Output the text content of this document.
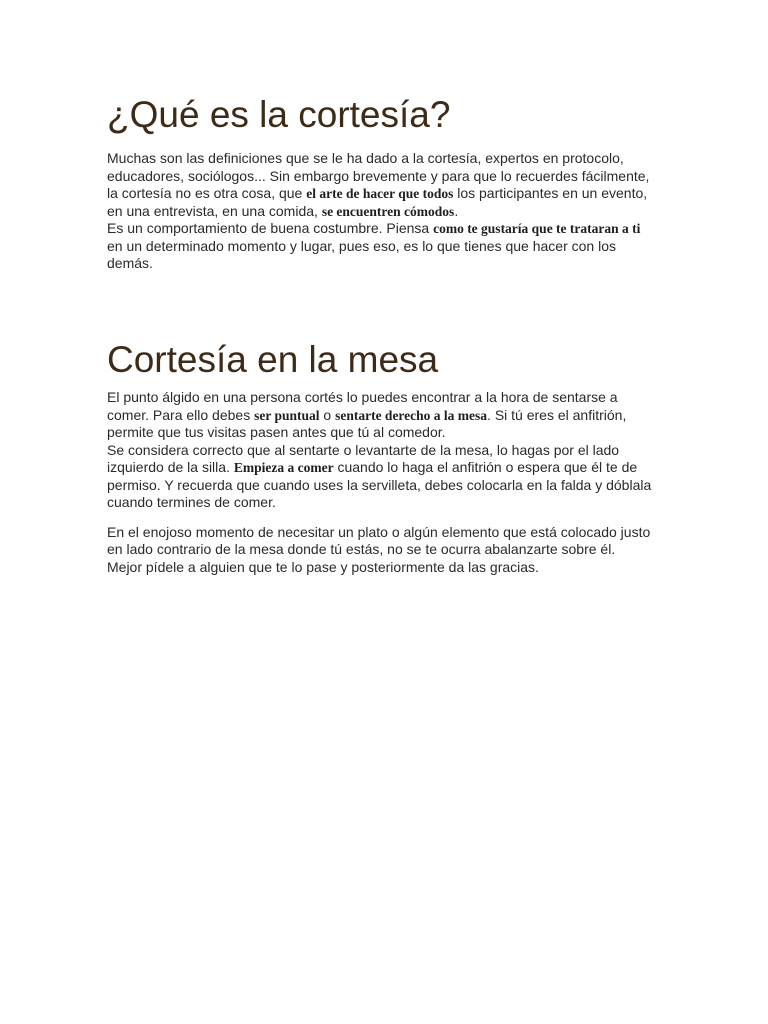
¿Qué es la cortesía?

Muchas son las definiciones que se le ha dado a la cortesía, expertos en protocolo, educadores, sociólogos... Sin embargo brevemente y para que lo recuerdes fácilmente, la cortesía no es otra cosa, que el arte de hacer que todos los participantes en un evento, en una entrevista, en una comida, se encuentren cómodos.

Es un comportamiento de buena costumbre. Piensa como te gustaría que te trataran a ti en un determinado momento y lugar, pues eso, es lo que tienes que hacer con los demás.

Cortesía en la mesa

El punto álgido en una persona cortés lo puedes encontrar a la hora de sentarse a comer. Para ello debes ser puntual o sentarte derecho a la mesa. Si tú eres el anfitrión, permite que tus visitas pasen antes que tú al comedor.

Se considera correcto que al sentarte o levantarte de la mesa, lo hagas por el lado izquierdo de la silla. Empieza a comer cuando lo haga el anfitrión o espera que él te de permiso. Y recuerda que cuando uses la servilleta, debes colocarla en la falda y dóblala cuando termines de comer.

En el enojoso momento de necesitar un plato o algún elemento que está colocado justo en lado contrario de la mesa donde tú estás, no se te ocurra abalanzarte sobre él. Mejor pídele a alguien que te lo pase y posteriormente da las gracias.
